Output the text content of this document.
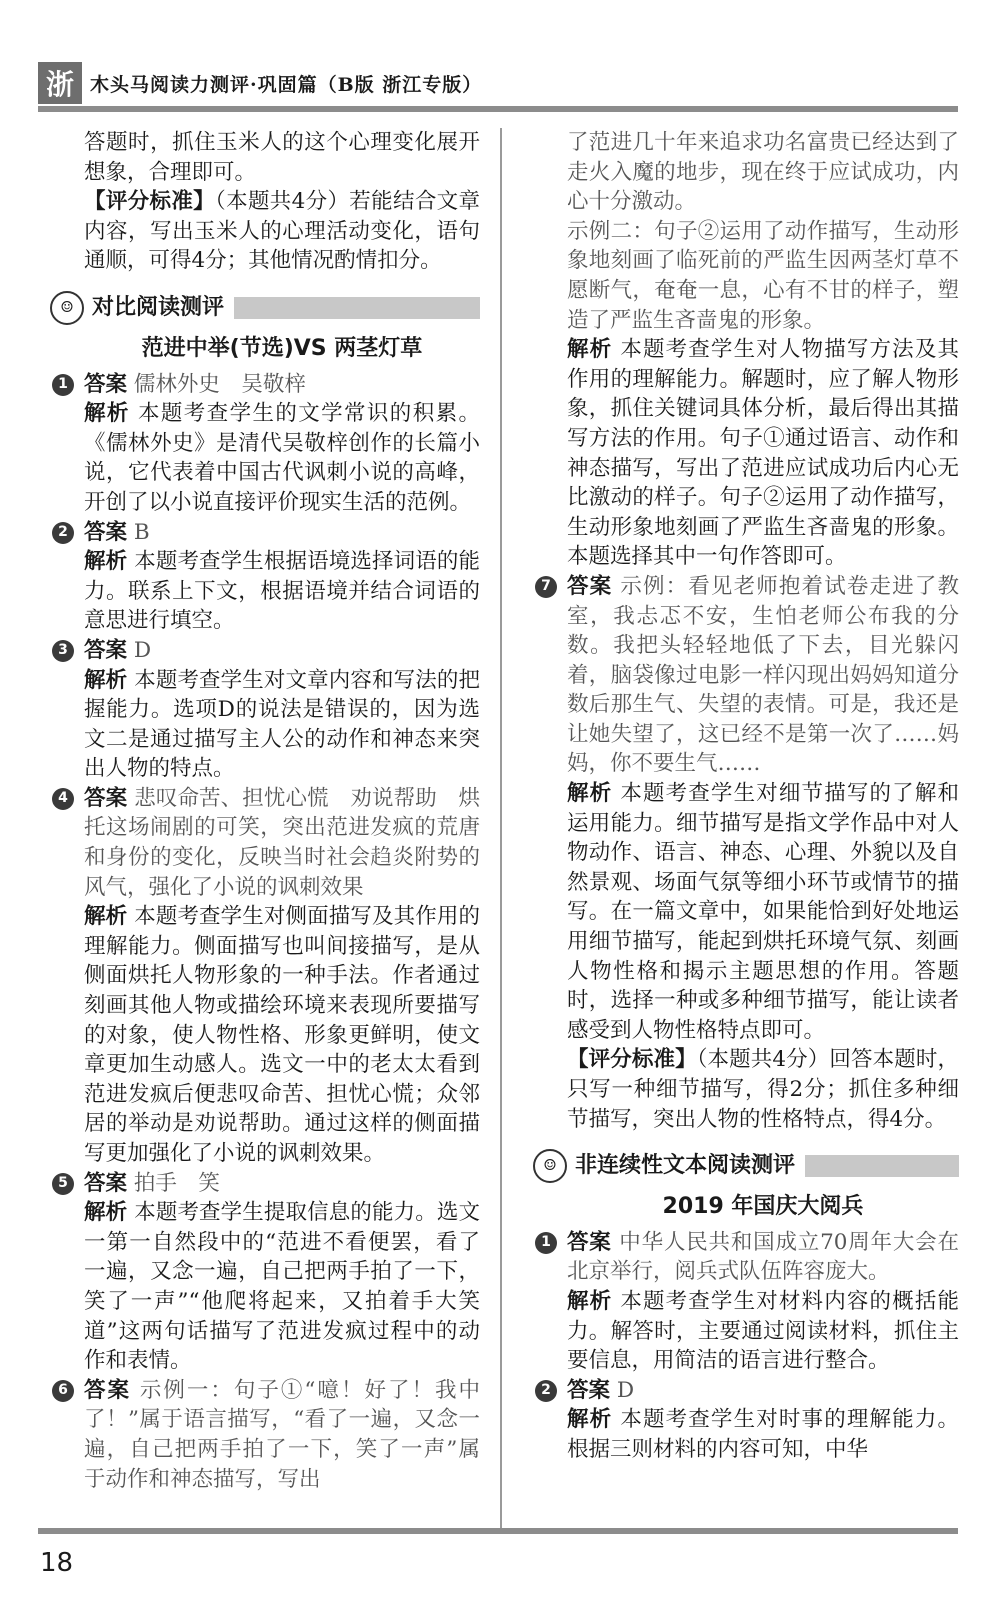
浙 木头马阅读力测评·巩固篇（B版 浙江专版）

答题时，抓住玉米人的这个心理变化展开想象，合理即可。

【评分标准】（本题共4分）若能结合文章内容，写出玉米人的心理活动变化，语句通顺，可得4分；其他情况酌情扣分。

☺ 对比阅读测评
范进中举(节选)VS 两茎灯草
1 答案 儒林外史　吴敬梓

解析 本题考查学生的文学常识的积累。《儒林外史》是清代吴敬梓创作的长篇小说，它代表着中国古代讽刺小说的高峰，开创了以小说直接评价现实生活的范例。

2 答案 B

解析 本题考查学生根据语境选择词语的能力。联系上下文，根据语境并结合词语的意思进行填空。

3 答案 D

解析 本题考查学生对文章内容和写法的把握能力。选项D的说法是错误的，因为选文二是通过描写主人公的动作和神态来突出人物的特点。

4 答案 悲叹命苦、担忧心慌　劝说帮助　烘托这场闹剧的可笑，突出范进发疯的荒唐和身份的变化，反映当时社会趋炎附势的风气，强化了小说的讽刺效果

解析 本题考查学生对侧面描写及其作用的理解能力。侧面描写也叫间接描写，是从侧面烘托人物形象的一种手法。作者通过刻画其他人物或描绘环境来表现所要描写的对象，使人物性格、形象更鲜明，使文章更加生动感人。选文一中的老太太看到范进发疯后便悲叹命苦、担忧心慌；众邻居的举动是劝说帮助。通过这样的侧面描写更加强化了小说的讽刺效果。

5 答案 拍手　笑

解析 本题考查学生提取信息的能力。选文一第一自然段中的“范进不看便罢，看了一遍，又念一遍，自己把两手拍了一下，笑了一声”“他爬将起来，又拍着手大笑道”这两句话描写了范进发疯过程中的动作和表情。

6 答案 示例一：句子①“噫！好了！我中了！”属于语言描写，“看了一遍，又念一遍，自己把两手拍了一下，笑了一声”属于动作和神态描写，写出

了范进几十年来追求功名富贵已经达到了走火入魔的地步，现在终于应试成功，内心十分激动。

示例二：句子②运用了动作描写，生动形象地刻画了临死前的严监生因两茎灯草不愿断气，奄奄一息，心有不甘的样子，塑造了严监生吝啬鬼的形象。

解析 本题考查学生对人物描写方法及其作用的理解能力。解题时，应了解人物形象，抓住关键词具体分析，最后得出其描写方法的作用。句子①通过语言、动作和神态描写，写出了范进应试成功后内心无比激动的样子。句子②运用了动作描写，生动形象地刻画了严监生吝啬鬼的形象。本题选择其中一句作答即可。

7 答案 示例：看见老师抱着试卷走进了教室，我忐忑不安，生怕老师公布我的分数。我把头轻轻地低了下去，目光躲闪着，脑袋像过电影一样闪现出妈妈知道分数后那生气、失望的表情。可是，我还是让她失望了，这已经不是第一次了……妈妈，你不要生气……

解析 本题考查学生对细节描写的了解和运用能力。细节描写是指文学作品中对人物动作、语言、神态、心理、外貌以及自然景观、场面气氛等细小环节或情节的描写。在一篇文章中，如果能恰到好处地运用细节描写，能起到烘托环境气氛、刻画人物性格和揭示主题思想的作用。答题时，选择一种或多种细节描写，能让读者感受到人物性格特点即可。

【评分标准】（本题共4分）回答本题时，只写一种细节描写，得2分；抓住多种细节描写，突出人物的性格特点，得4分。

☺ 非连续性文本阅读测评
2019 年国庆大阅兵
1 答案 中华人民共和国成立70周年大会在北京举行，阅兵式队伍阵容庞大。

解析 本题考查学生对材料内容的概括能力。解答时，主要通过阅读材料，抓住主要信息，用简洁的语言进行整合。

2 答案 D

解析 本题考查学生对时事的理解能力。根据三则材料的内容可知，中华

18
